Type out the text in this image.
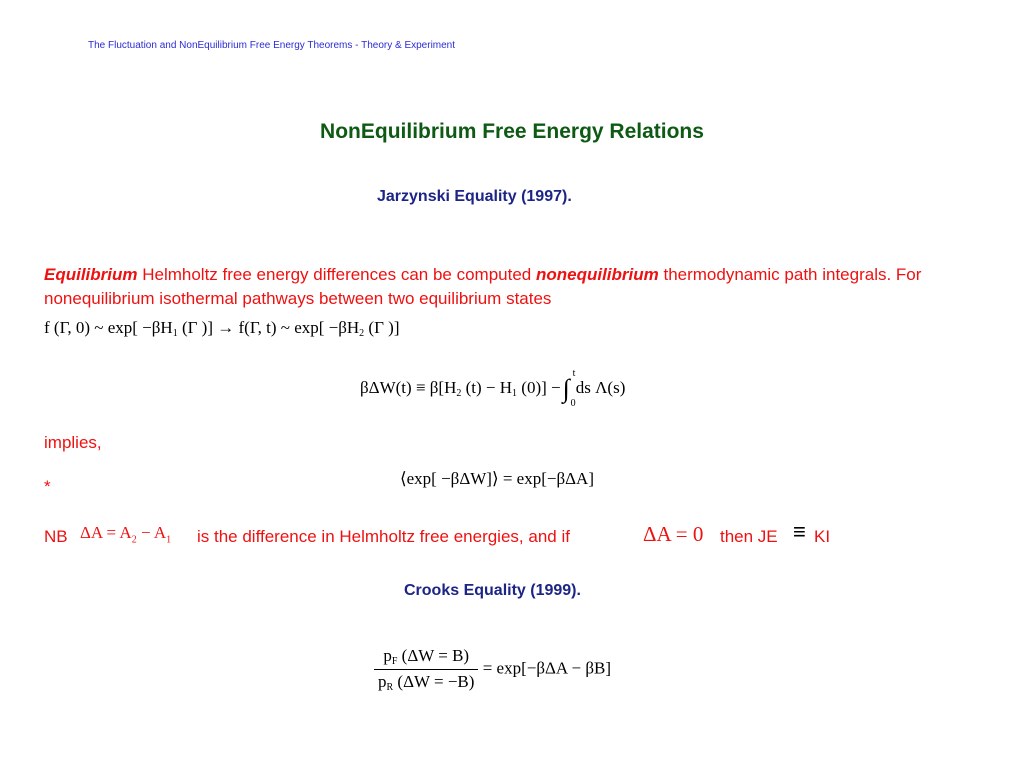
The Fluctuation and NonEquilibrium Free Energy Theorems - Theory & Experiment
NonEquilibrium Free Energy Relations
Jarzynski Equality (1997).
Equilibrium Helmholtz free energy differences can be computed nonequilibrium thermodynamic path integrals. For nonequilibrium isothermal pathways between two equilibrium states
f (Γ, 0) ~ $\exp[ -\beta H_1$ (Γ )] → f(Γ, t) ~ $\exp[ -\beta H_2$ (Γ )]
$\beta\Delta W(t) \equiv \beta[H_2$ $(t) - H_1$ (0)] −∫
t
0
ds Λ(s)
implies,
⟨exp[ −βΔW]⟩ = exp[−βΔA]
*
NB $\Delta A = A_2 - A_1$ is the difference in Helmholtz free energies, and if	ΔA = 0 then JE ≡ KI
Crooks Equality (1999).
$\frac{p_F (\Delta W = B)}{p_R (\Delta W = -B)} = \exp[-\beta\Delta A - \beta B]$
